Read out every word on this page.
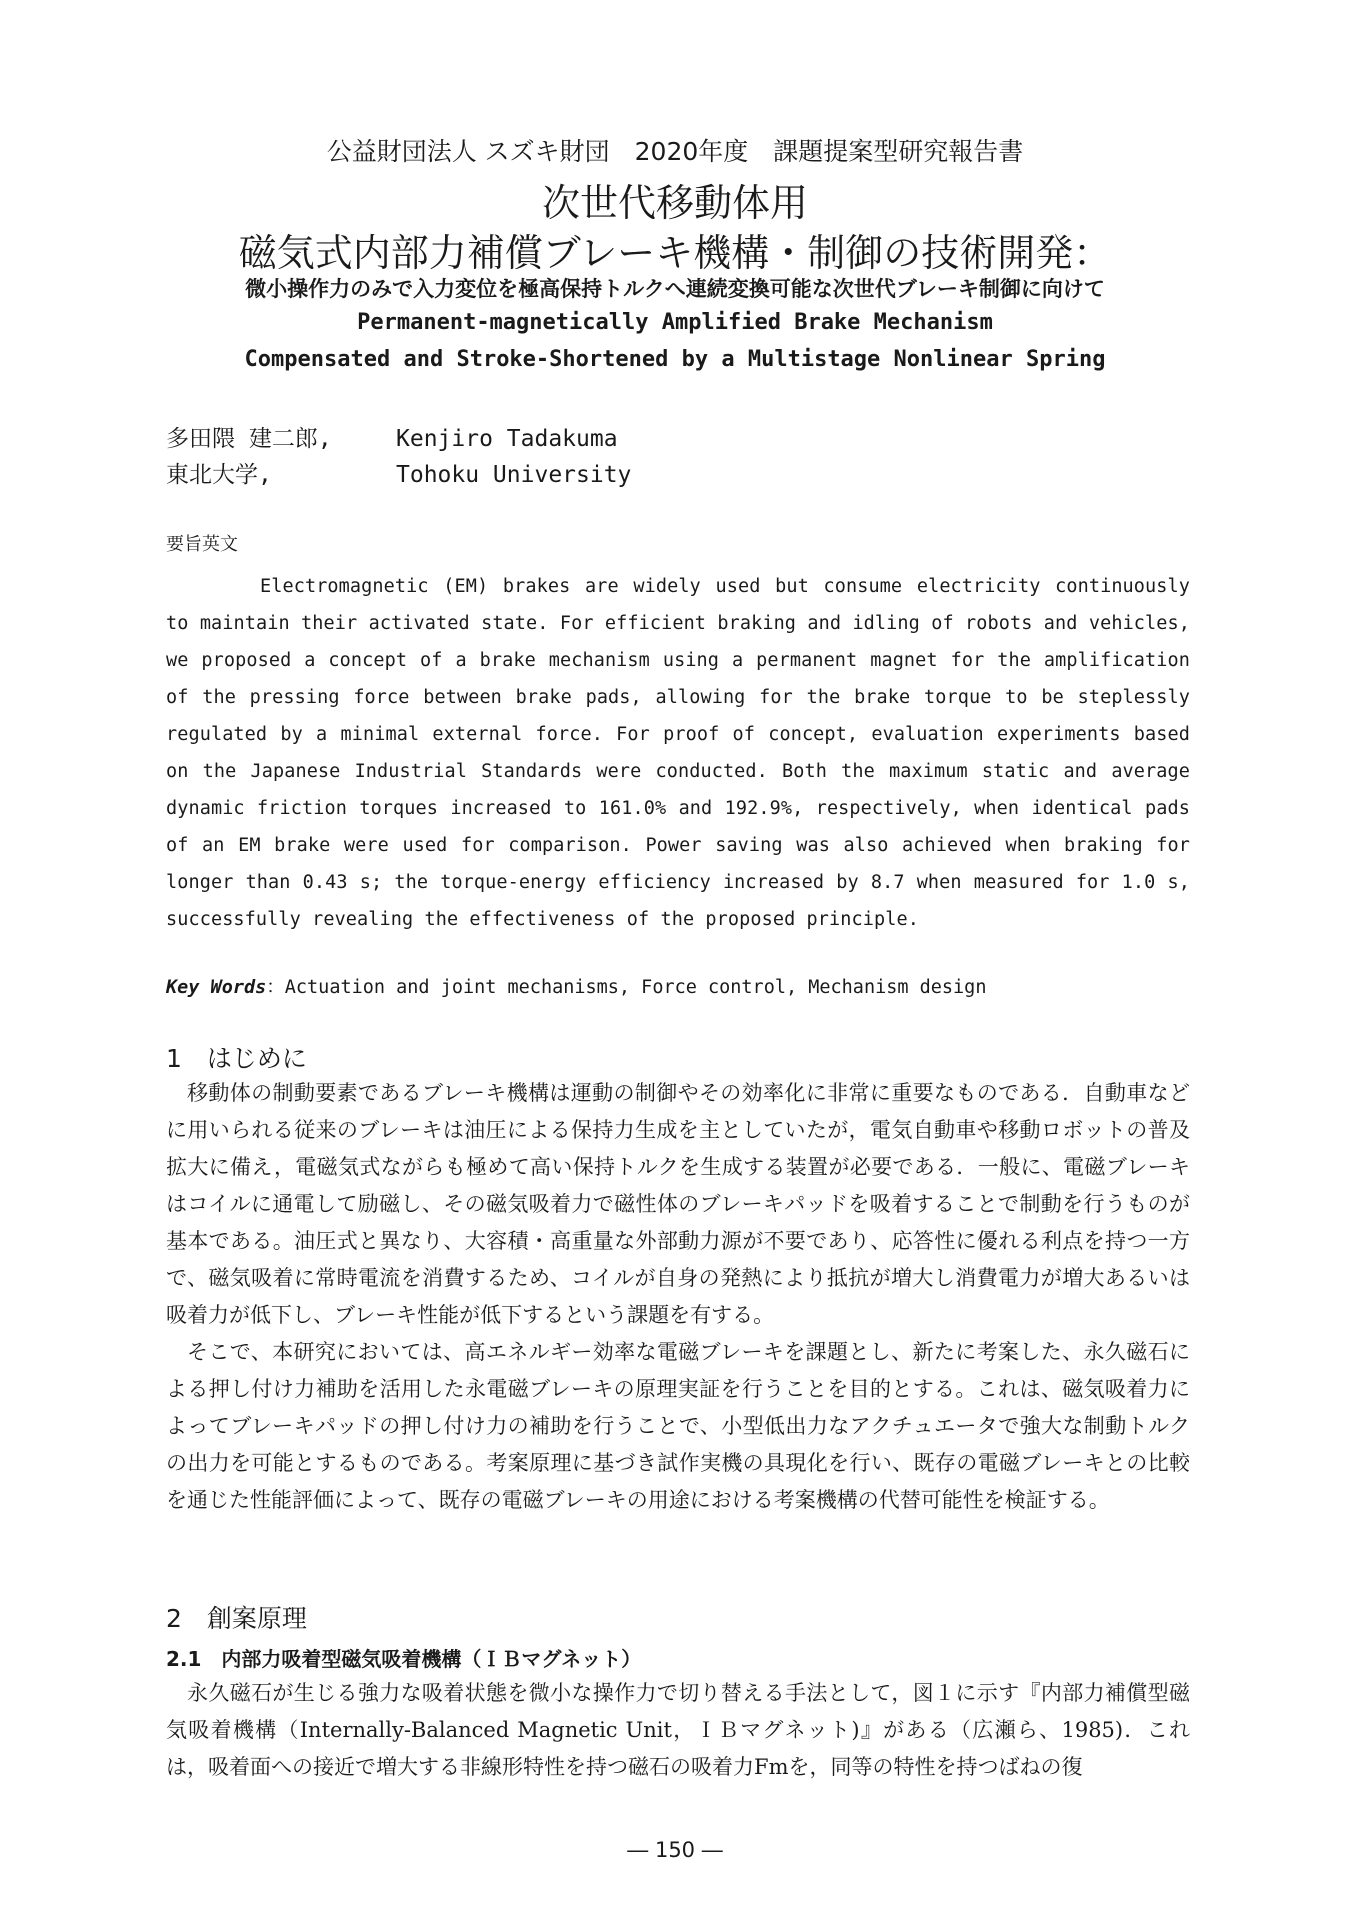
公益財団法人 スズキ財団　2020年度　課題提案型研究報告書
次世代移動体用
磁気式内部力補償ブレーキ機構・制御の技術開発：
微小操作力のみで入力変位を極高保持トルクへ連続変換可能な次世代ブレーキ制御に向けて
Permanent-magnetically Amplified Brake Mechanism
Compensated and Stroke-Shortened by a Multistage Nonlinear Spring
多田隈 建二郎,	Kenjiro Tadakuma
東北大学,	Tohoku University
要旨英文

Electromagnetic (EM) brakes are widely used but consume electricity continuously to maintain their activated state. For efficient braking and idling of robots and vehicles, we proposed a concept of a brake mechanism using a permanent magnet for the amplification of the pressing force between brake pads, allowing for the brake torque to be steplessly regulated by a minimal external force. For proof of concept, evaluation experiments based on the Japanese Industrial Standards were conducted. Both the maximum static and average dynamic friction torques increased to 161.0% and 192.9%, respectively, when identical pads of an EM brake were used for comparison. Power saving was also achieved when braking for longer than 0.43 s; the torque-energy efficiency increased by 8.7 when measured for 1.0 s, successfully revealing the effectiveness of the proposed principle.

Key Words：Actuation and joint mechanisms, Force control, Mechanism design
1　はじめに

移動体の制動要素であるブレーキ機構は運動の制御やその効率化に非常に重要なものである．自動車などに用いられる従来のブレーキは油圧による保持力生成を主としていたが，電気自動車や移動ロボットの普及拡大に備え，電磁気式ながらも極めて高い保持トルクを生成する装置が必要である．一般に、電磁ブレーキはコイルに通電して励磁し、その磁気吸着力で磁性体のブレーキパッドを吸着することで制動を行うものが基本である。油圧式と異なり、大容積・高重量な外部動力源が不要であり、応答性に優れる利点を持つ一方で、磁気吸着に常時電流を消費するため、コイルが自身の発熱により抵抗が増大し消費電力が増大あるいは吸着力が低下し、ブレーキ性能が低下するという課題を有する。

そこで、本研究においては、高エネルギー効率な電磁ブレーキを課題とし、新たに考案した、永久磁石による押し付け力補助を活用した永電磁ブレーキの原理実証を行うことを目的とする。これは、磁気吸着力によってブレーキパッドの押し付け力の補助を行うことで、小型低出力なアクチュエータで強大な制動トルクの出力を可能とするものである。考案原理に基づき試作実機の具現化を行い、既存の電磁ブレーキとの比較を通じた性能評価によって、既存の電磁ブレーキの用途における考案機構の代替可能性を検証する。

2　創案原理
2.1　内部力吸着型磁気吸着機構（ＩＢマグネット）

永久磁石が生じる強力な吸着状態を微小な操作力で切り替える手法として，図１に示す『内部力補償型磁気吸着機構（Internally-Balanced Magnetic Unit，ＩＢマグネット)』がある（広瀬ら、1985)．これは，吸着面への接近で増大する非線形特性を持つ磁石の吸着力Fmを，同等の特性を持つばねの復

― 150 ―
